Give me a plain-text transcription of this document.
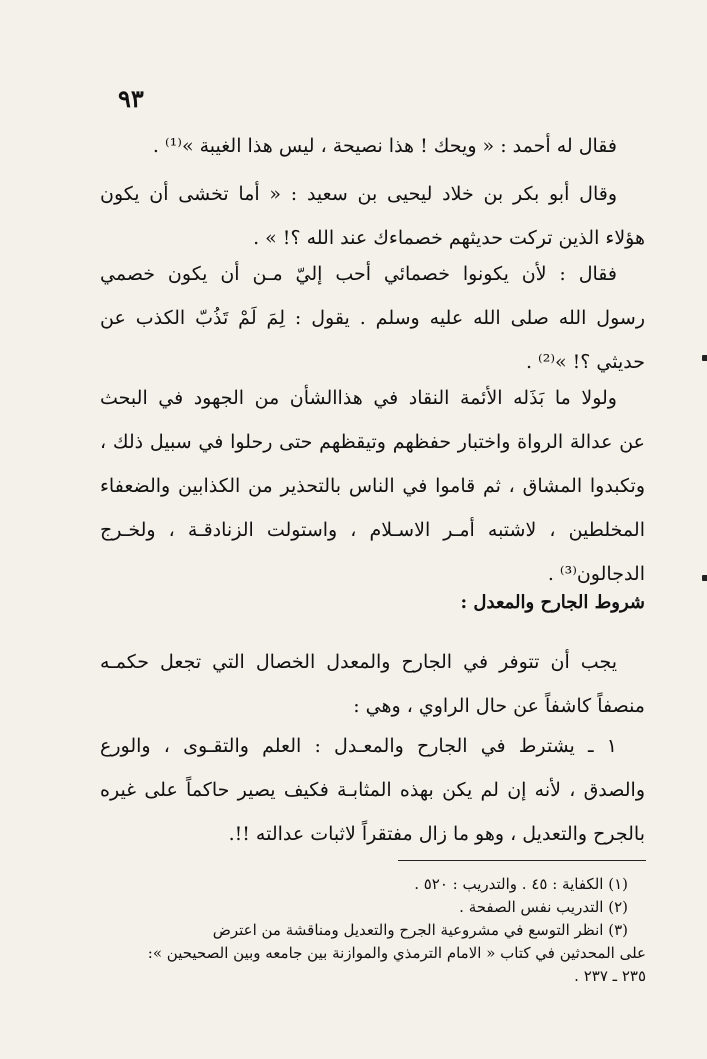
٩٣
فقال له أحمد : « ويحك ! هذا نصيحة ، ليس هذا الغيبة »⁽¹⁾ .
وقال أبو بكر بن خلاد ليحيى بن سعيد : « أما تخشى أن يكون
هؤلاء الذين تركت حديثهم خصماءك عند الله ؟! » .
فقال : لأن يكونوا خصمائي أحب إليّ مـن أن يكون خصمي
رسول الله صلى الله عليه وسلم . يقول : لِمَ لَمْ تَذُبّ الكذب عن
حديثي ؟! »⁽²⁾ .
ولولا ما بَذَله الأئمة النقاد في هذاالشأن من الجهود في البحث
عن عدالة الرواة واختبار حفظهم وتيقظهم حتى رحلوا في سبيل ذلك ،
وتكبدوا المشاق ، ثم قاموا في الناس بالتحذير من الكذابين والضعفاء
المخلطين ، لاشتبه أمـر الاسـلام ، واستولت الزنادقـة ، ولخـرج
الدجالون⁽³⁾ .
شروط الجارح والمعدل :
يجب أن تتوفر في الجارح والمعدل الخصال التي تجعل حكمـه
منصفاً كاشفاً عن حال الراوي ، وهي :
١ ـ يشترط في الجارح والمعـدل : العلم والتقـوى ، والورع
والصدق ، لأنه إن لم يكن بهذه المثابـة فكيف يصير حاكماً على غيره
بالجرح والتعديل ، وهو ما زال مفتقراً لاثبات عدالته !!.
(١) الكفاية : ٤٥ . والتدريب : ٥٢٠ .
(٢) التدريب نفس الصفحة .
(٣) انظر التوسع في مشروعية الجرح والتعديل ومناقشة من اعترض
على المحدثين في كتاب « الامام الترمذي والموازنة بين جامعه وبين الصحيحين »:
٢٣٥ ـ ٢٣٧ .
